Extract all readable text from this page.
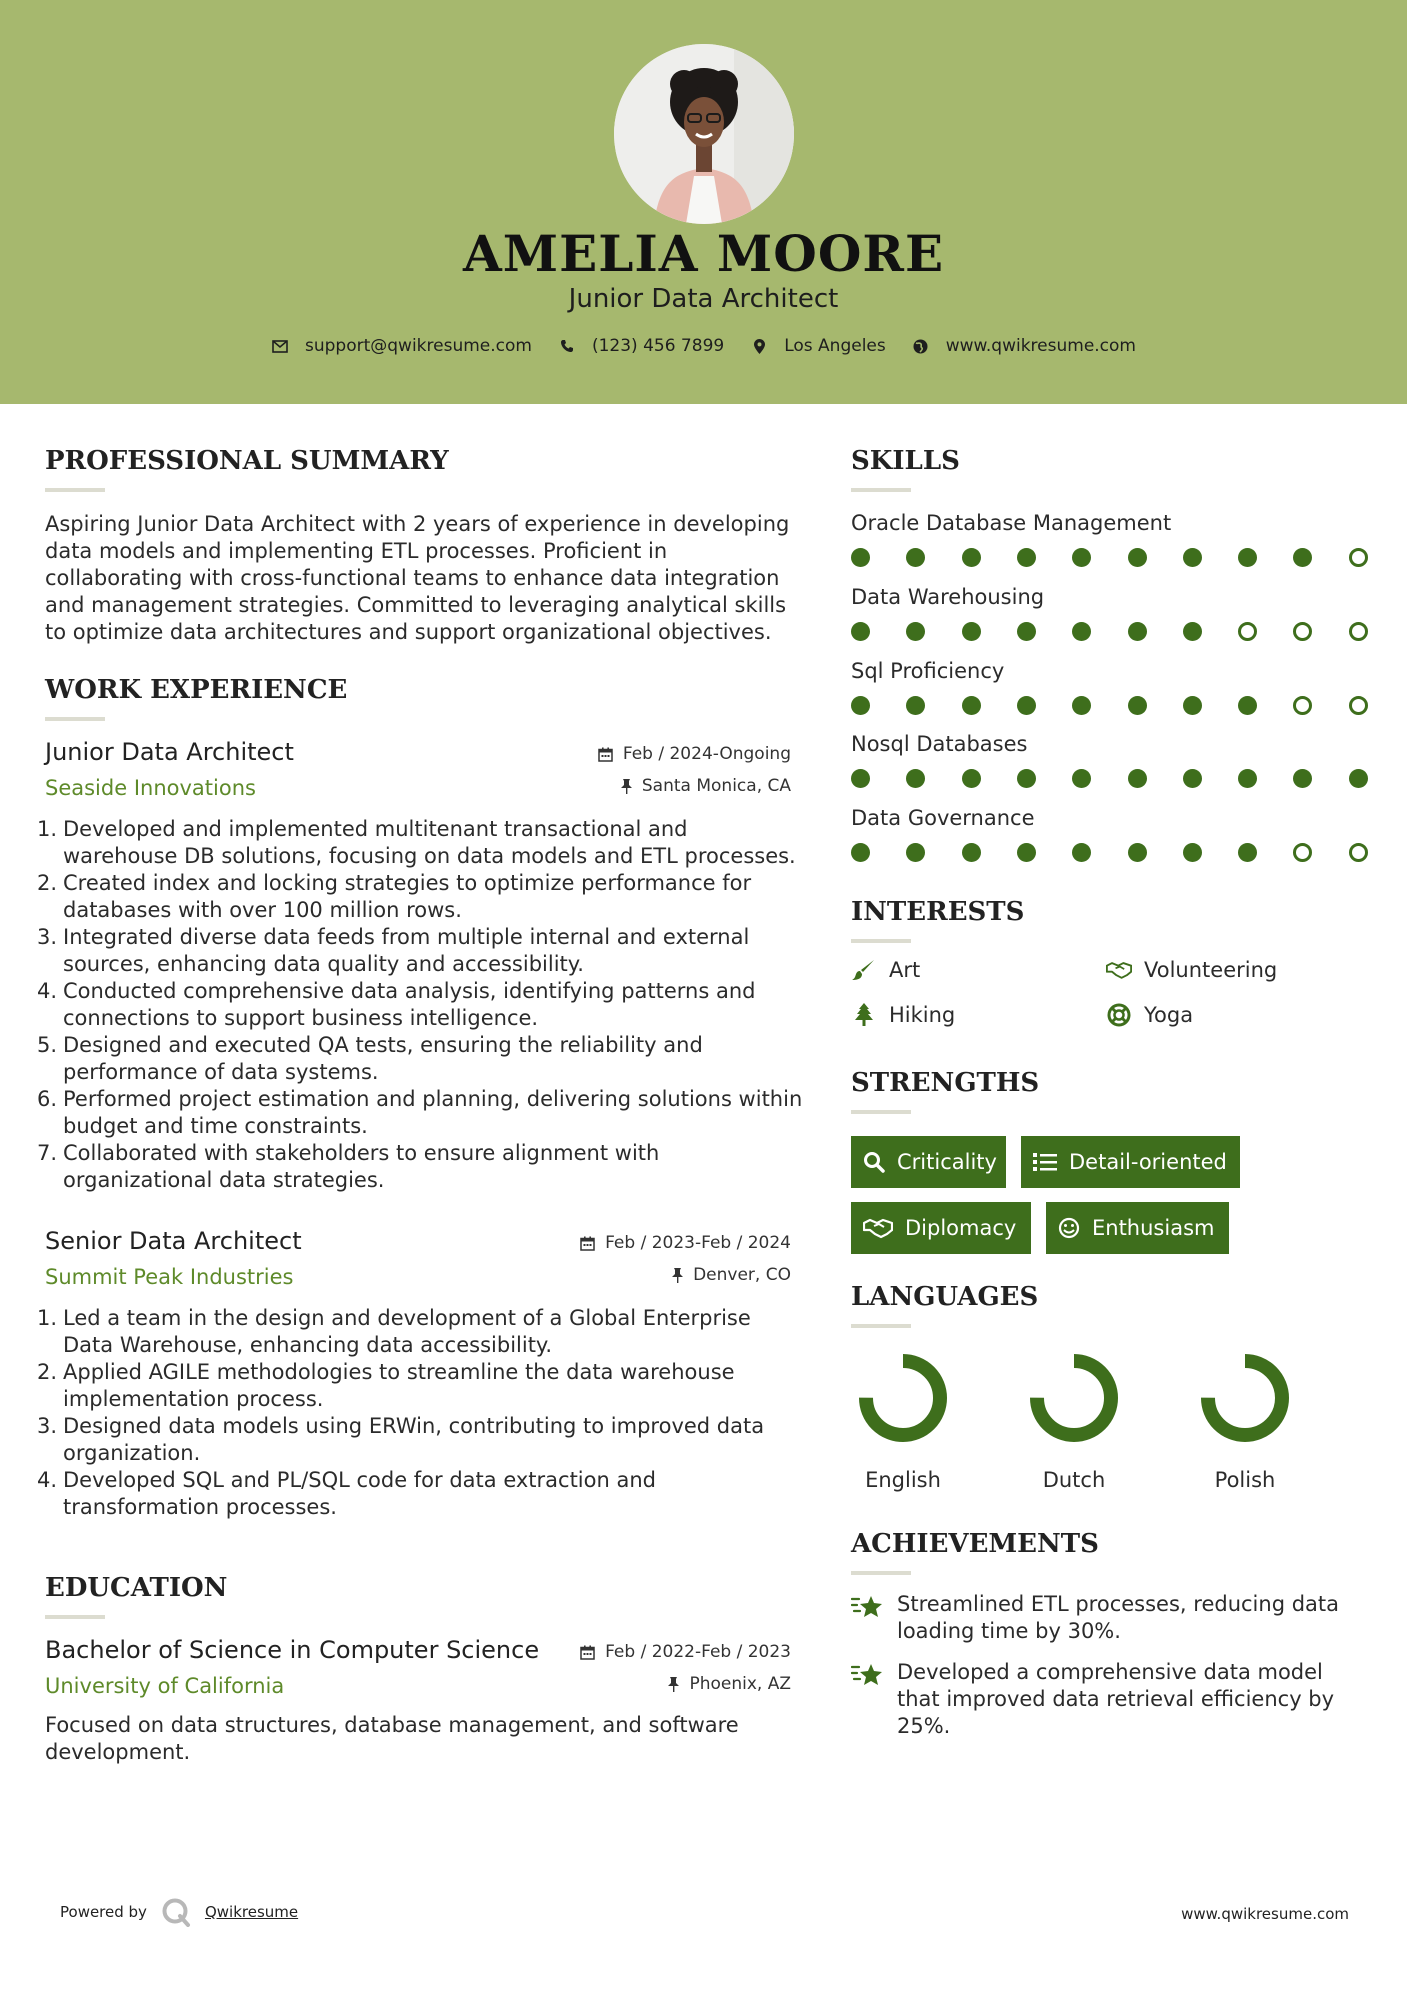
AMELIA MOORE
Junior Data Architect
support@qwikresume.com	(123) 456 7899	Los Angeles	www.qwikresume.com
PROFESSIONAL SUMMARY
Aspiring Junior Data Architect with 2 years of experience in developing data models and implementing ETL processes. Proficient in collaborating with cross-functional teams to enhance data integration and management strategies. Committed to leveraging analytical skills to optimize data architectures and support organizational objectives.
WORK EXPERIENCE
Junior Data Architect
Seaside Innovations
Feb / 2024-Ongoing
Santa Monica, CA
1. Developed and implemented multitenant transactional and warehouse DB solutions, focusing on data models and ETL processes.
2. Created index and locking strategies to optimize performance for databases with over 100 million rows.
3. Integrated diverse data feeds from multiple internal and external sources, enhancing data quality and accessibility.
4. Conducted comprehensive data analysis, identifying patterns and connections to support business intelligence.
5. Designed and executed QA tests, ensuring the reliability and performance of data systems.
6. Performed project estimation and planning, delivering solutions within budget and time constraints.
7. Collaborated with stakeholders to ensure alignment with organizational data strategies.
Senior Data Architect
Summit Peak Industries
Feb / 2023-Feb / 2024
Denver, CO
1. Led a team in the design and development of a Global Enterprise Data Warehouse, enhancing data accessibility.
2. Applied AGILE methodologies to streamline the data warehouse implementation process.
3. Designed data models using ERWin, contributing to improved data organization.
4. Developed SQL and PL/SQL code for data extraction and transformation processes.
EDUCATION
Bachelor of Science in Computer Science
University of California
Feb / 2022-Feb / 2023
Phoenix, AZ
Focused on data structures, database management, and software development.
SKILLS
Oracle Database Management
Data Warehousing
Sql Proficiency
Nosql Databases
Data Governance
INTERESTS
Art	Volunteering
Hiking	Yoga
STRENGTHS
Criticality	Detail-oriented
Diplomacy	Enthusiasm
LANGUAGES
English	Dutch	Polish
ACHIEVEMENTS
Streamlined ETL processes, reducing data loading time by 30%.
Developed a comprehensive data model that improved data retrieval efficiency by 25%.
Powered by	Qwikresume	www.qwikresume.com
